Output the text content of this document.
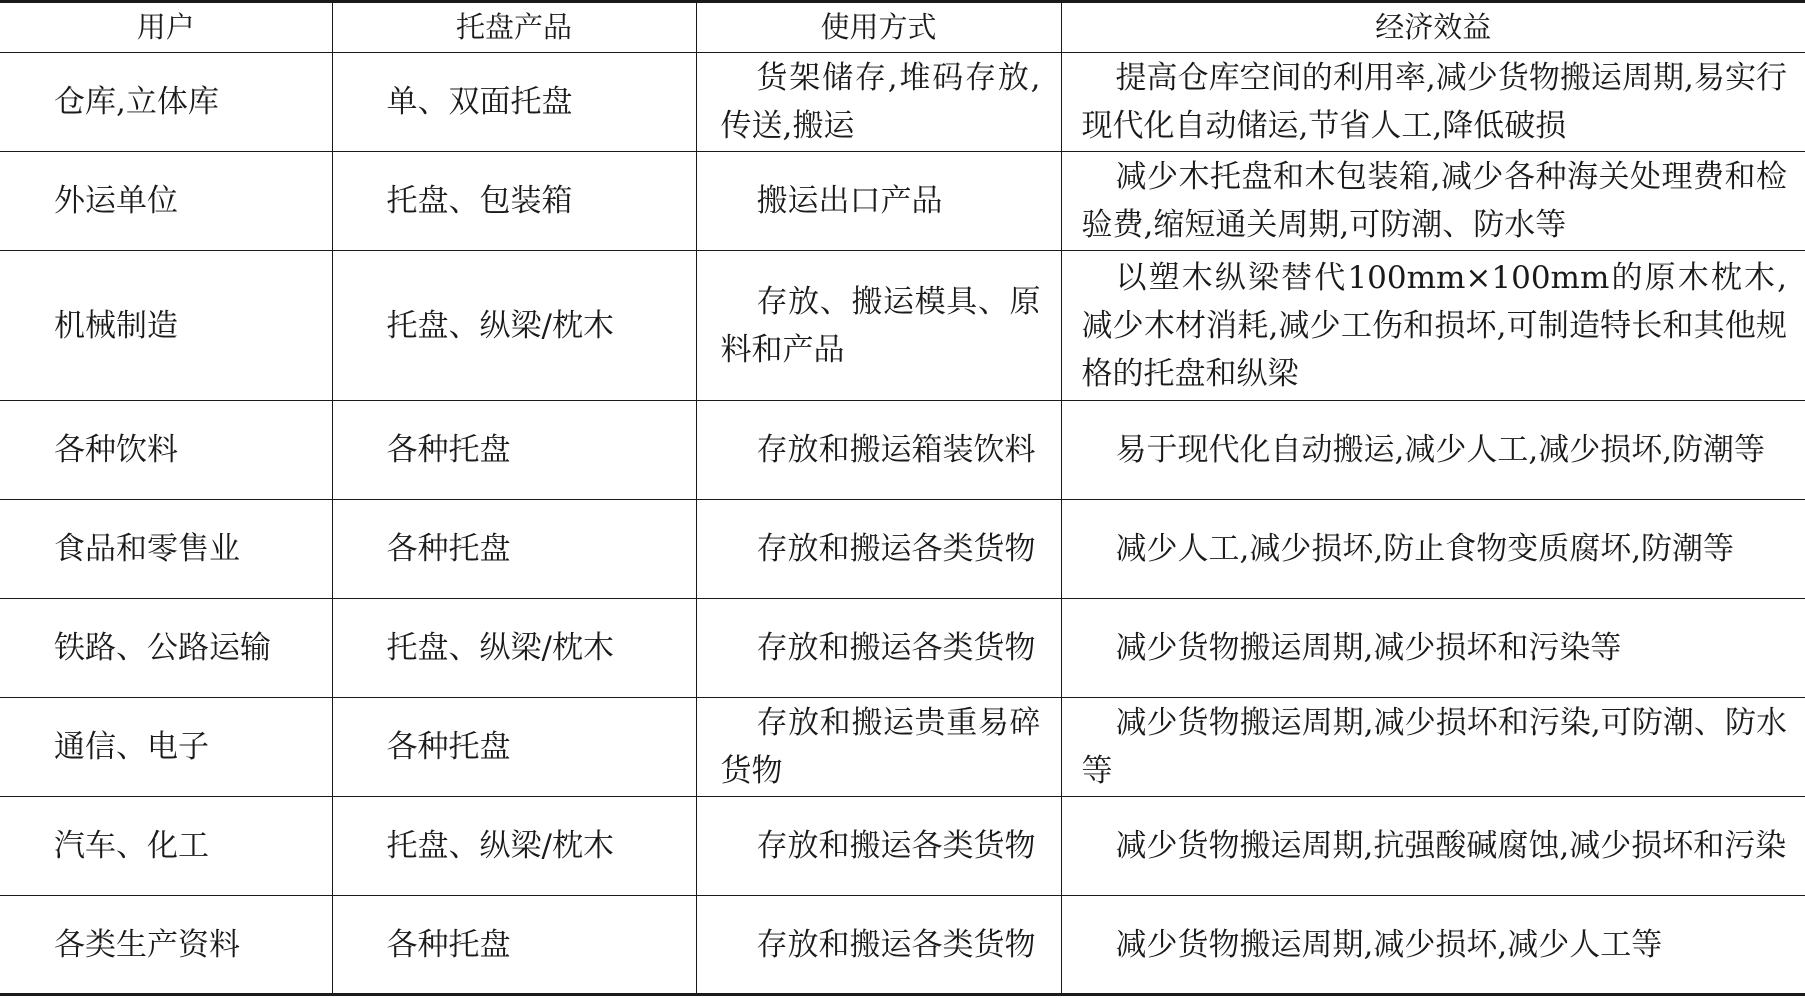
用户	托盘产品	使用方式	经济效益
仓库,立体库	单、双面托盘	货架储存,堆码存放,传送,搬运	提高仓库空间的利用率,减少货物搬运周期,易实行现代化自动储运,节省人工,降低破损
外运单位	托盘、包装箱	搬运出口产品	减少木托盘和木包装箱,减少各种海关处理费和检验费,缩短通关周期,可防潮、防水等
机械制造	托盘、纵梁/枕木	存放、搬运模具、原料和产品	以塑木纵梁替代100mm×100mm的原木枕木,减少木材消耗,减少工伤和损坏,可制造特长和其他规格的托盘和纵梁
各种饮料	各种托盘	存放和搬运箱装饮料	易于现代化自动搬运,减少人工,减少损坏,防潮等
食品和零售业	各种托盘	存放和搬运各类货物	减少人工,减少损坏,防止食物变质腐坏,防潮等
铁路、公路运输	托盘、纵梁/枕木	存放和搬运各类货物	减少货物搬运周期,减少损坏和污染等
通信、电子	各种托盘	存放和搬运贵重易碎货物	减少货物搬运周期,减少损坏和污染,可防潮、防水等
汽车、化工	托盘、纵梁/枕木	存放和搬运各类货物	减少货物搬运周期,抗强酸碱腐蚀,减少损坏和污染
各类生产资料	各种托盘	存放和搬运各类货物	减少货物搬运周期,减少损坏,减少人工等
